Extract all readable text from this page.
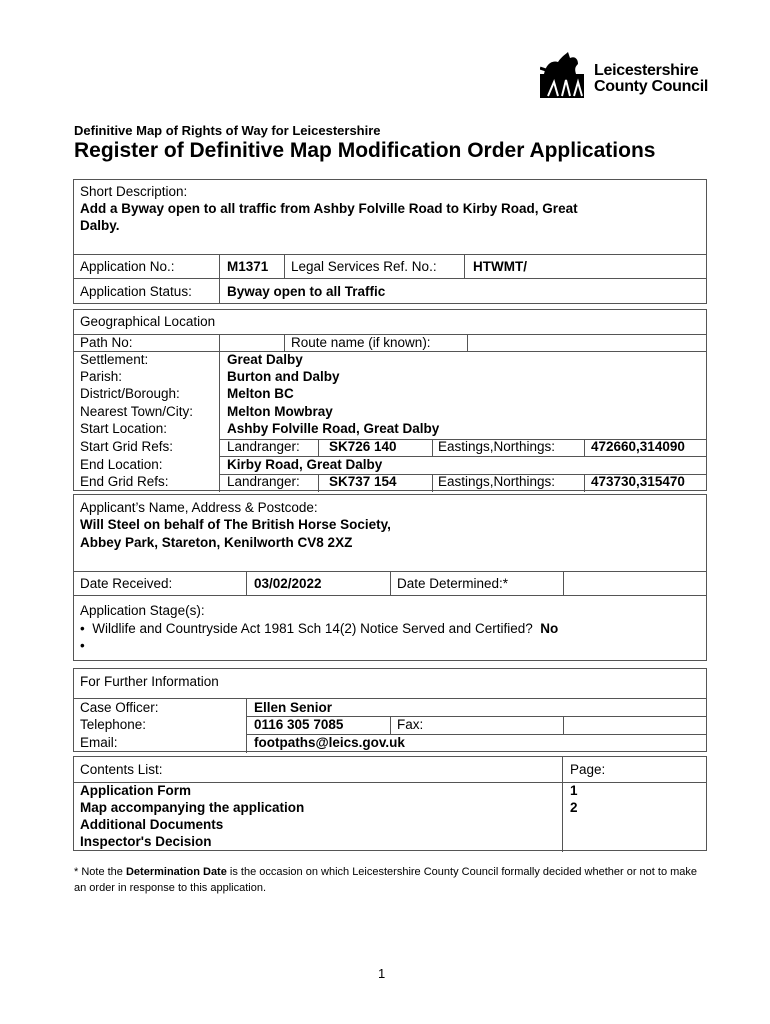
Leicestershire
County Council
Definitive Map of Rights of Way for Leicestershire
Register of Definitive Map Modification Order Applications
Short Description:
Add a Byway open to all traffic from Ashby Folville Road to Kirby Road, Great
Dalby.
Application No.:	M1371 Legal Services Ref. No.:	HTWMT/
Application Status:	Byway open to all Traffic
Geographical Location
Path No:	Route name (if known):
Settlement:	Great Dalby
Parish:	Burton and Dalby
District/Borough:	Melton BC
Nearest Town/City:	Melton Mowbray
Start Location:	Ashby Folville Road, Great Dalby
Start Grid Refs:	Landranger: SK726 140	Eastings,Northings:	472660,314090
End Location:	Kirby Road, Great Dalby
End Grid Refs:	Landranger: SK737 154	Eastings,Northings:	473730,315470
Applicant’s Name, Address & Postcode:
Will Steel on behalf of The British Horse Society,
Abbey Park, Stareton, Kenilworth CV8 2XZ
Date Received:	03/02/2022	Date Determined:*
Application Stage(s):
•  Wildlife and Countryside Act 1981 Sch 14(2) Notice Served and Certified? No
•
For Further Information
Case Officer:	Ellen Senior
Telephone:	0116 305 7085	Fax:
Email:	footpaths@leics.gov.uk
Contents List:	Page:
Application Form	1
Map accompanying the application	2
Additional Documents
Inspector's Decision
* Note the Determination Date is the occasion on which Leicestershire County Council formally decided whether or not to make an order in response to this application.
1
